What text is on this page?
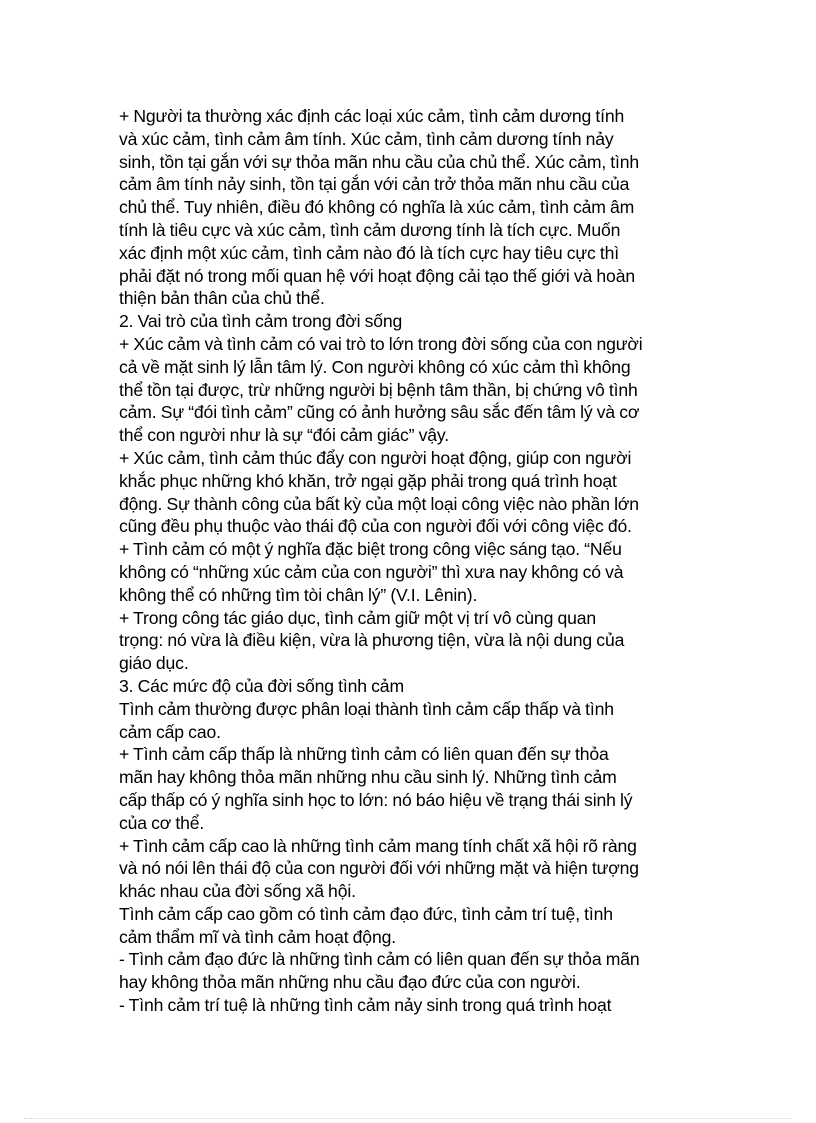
+ Người ta thường xác định các loại xúc cảm, tình cảm dương tính
và xúc cảm, tình cảm âm tính. Xúc cảm, tình cảm dương tính nảy
sinh, tồn tại gắn với sự thỏa mãn nhu cầu của chủ thể. Xúc cảm, tình
cảm âm tính nảy sinh, tồn tại gắn với cản trở thỏa mãn nhu cầu của
chủ thể. Tuy nhiên, điều đó không có nghĩa là xúc cảm, tình cảm âm
tính là tiêu cực và xúc cảm, tình cảm dương tính là tích cực. Muốn
xác định một xúc cảm, tình cảm nào đó là tích cực hay tiêu cực thì
phải đặt nó trong mối quan hệ với hoạt động cải tạo thế giới và hoàn
thiện bản thân của chủ thể.
2. Vai trò của tình cảm trong đời sống
+ Xúc cảm và tình cảm có vai trò to lớn trong đời sống của con người
cả về mặt sinh lý lẫn tâm lý. Con người không có xúc cảm thì không
thể tồn tại được, trừ những người bị bệnh tâm thần, bị chứng vô tình
cảm. Sự “đói tình cảm” cũng có ảnh hưởng sâu sắc đến tâm lý và cơ
thể con người như là sự “đói cảm giác” vậy.
+ Xúc cảm, tình cảm thúc đẩy con người hoạt động, giúp con người
khắc phục những khó khăn, trở ngại gặp phải trong quá trình hoạt
động. Sự thành công của bất kỳ của một loại công việc nào phần lớn
cũng đều phụ thuộc vào thái độ của con người đối với công việc đó.
+ Tình cảm có một ý nghĩa đặc biệt trong công việc sáng tạo. “Nếu
không có “những xúc cảm của con người” thì xưa nay không có và
không thể có những tìm tòi chân lý” (V.I. Lênin).
+ Trong công tác giáo dục, tình cảm giữ một vị trí vô cùng quan
trọng: nó vừa là điều kiện, vừa là phương tiện, vừa là nội dung của
giáo dục.
3. Các mức độ của đời sống tình cảm
Tình cảm thường được phân loại thành tình cảm cấp thấp và tình
cảm cấp cao.
+ Tình cảm cấp thấp là những tình cảm có liên quan đến sự thỏa
mãn hay không thỏa mãn những nhu cầu sinh lý. Những tình cảm
cấp thấp có ý nghĩa sinh học to lớn: nó báo hiệu về trạng thái sinh lý
của cơ thể.
+ Tình cảm cấp cao là những tình cảm mang tính chất xã hội rõ ràng
và nó nói lên thái độ của con người đối với những mặt và hiện tượng
khác nhau của đời sống xã hội.
Tình cảm cấp cao gồm có tình cảm đạo đức, tình cảm trí tuệ, tình
cảm thẩm mĩ và tình cảm hoạt động.
- Tình cảm đạo đức là những tình cảm có liên quan đến sự thỏa mãn
hay không thỏa mãn những nhu cầu đạo đức của con người.
- Tình cảm trí tuệ là những tình cảm nảy sinh trong quá trình hoạt
